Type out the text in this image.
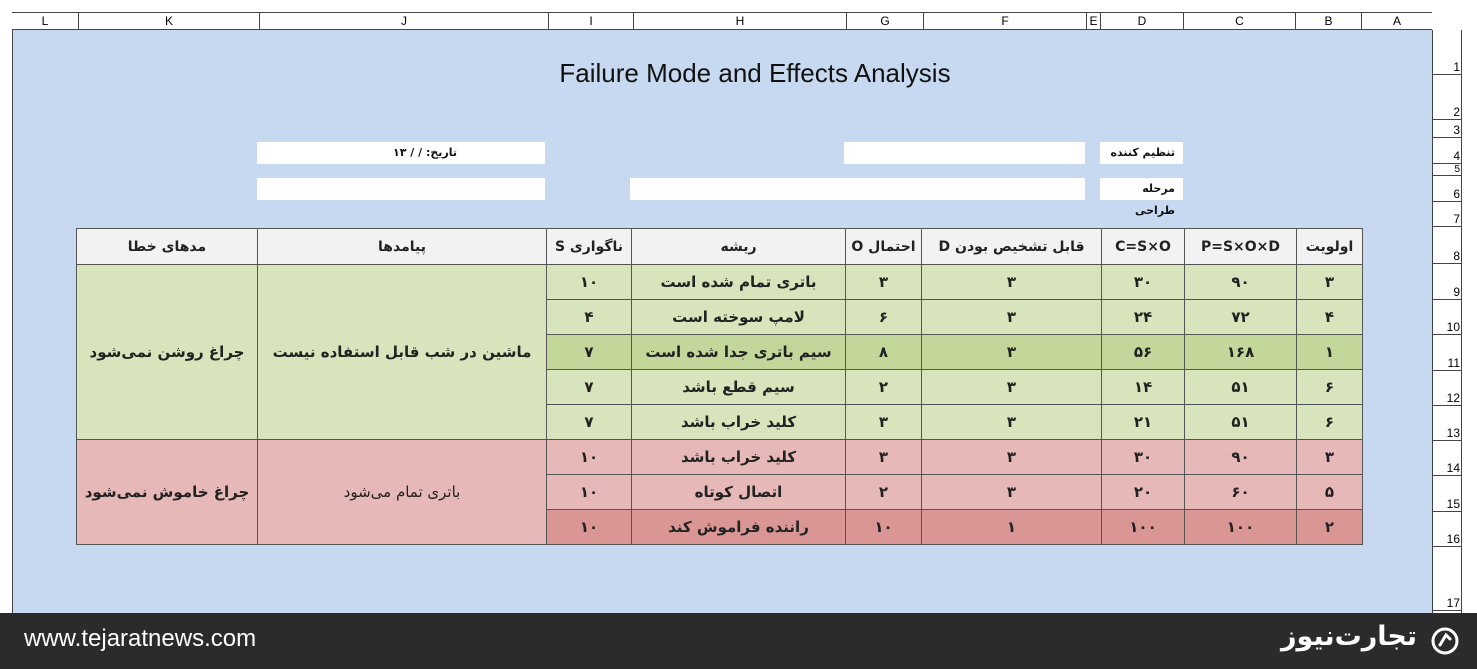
L	K	J	I	H	G	F	E	D	C	B	A
1
2
3
4
5
6
7
8
9
10
11
12
13
14
15
16
17
Failure Mode and Effects Analysis
تنظیم کننده
تاریخ: / / ۱۳
مرحله طراحی
اولویت	P=S×O×D	C=S×O	قابل تشخیص بودن D	احتمال O	ریشه	ناگواری S	پیامدها	مدهای خطا
۳	۹۰	۳۰	۳	۳	باتری تمام شده است	۱۰	ماشین در شب قابل استفاده نیست	چراغ روشن نمی‌شود
۴	۷۲	۲۴	۳	۶	لامپ سوخته است	۴		
۱	۱۶۸	۵۶	۳	۸	سیم باتری جدا شده است	۷		
۶	۵۱	۱۴	۳	۲	سیم قطع باشد	۷		
۶	۵۱	۲۱	۳	۳	کلید خراب باشد	۷		
۳	۹۰	۳۰	۳	۳	کلید خراب باشد	۱۰	باتری تمام می‌شود	چراغ خاموش نمی‌شود
۵	۶۰	۲۰	۳	۲	اتصال کوتاه	۱۰		
۲	۱۰۰	۱۰۰	۱	۱۰	راننده فراموش کند	۱۰		
www.tejaratnews.com	تجارت‌نیوز
